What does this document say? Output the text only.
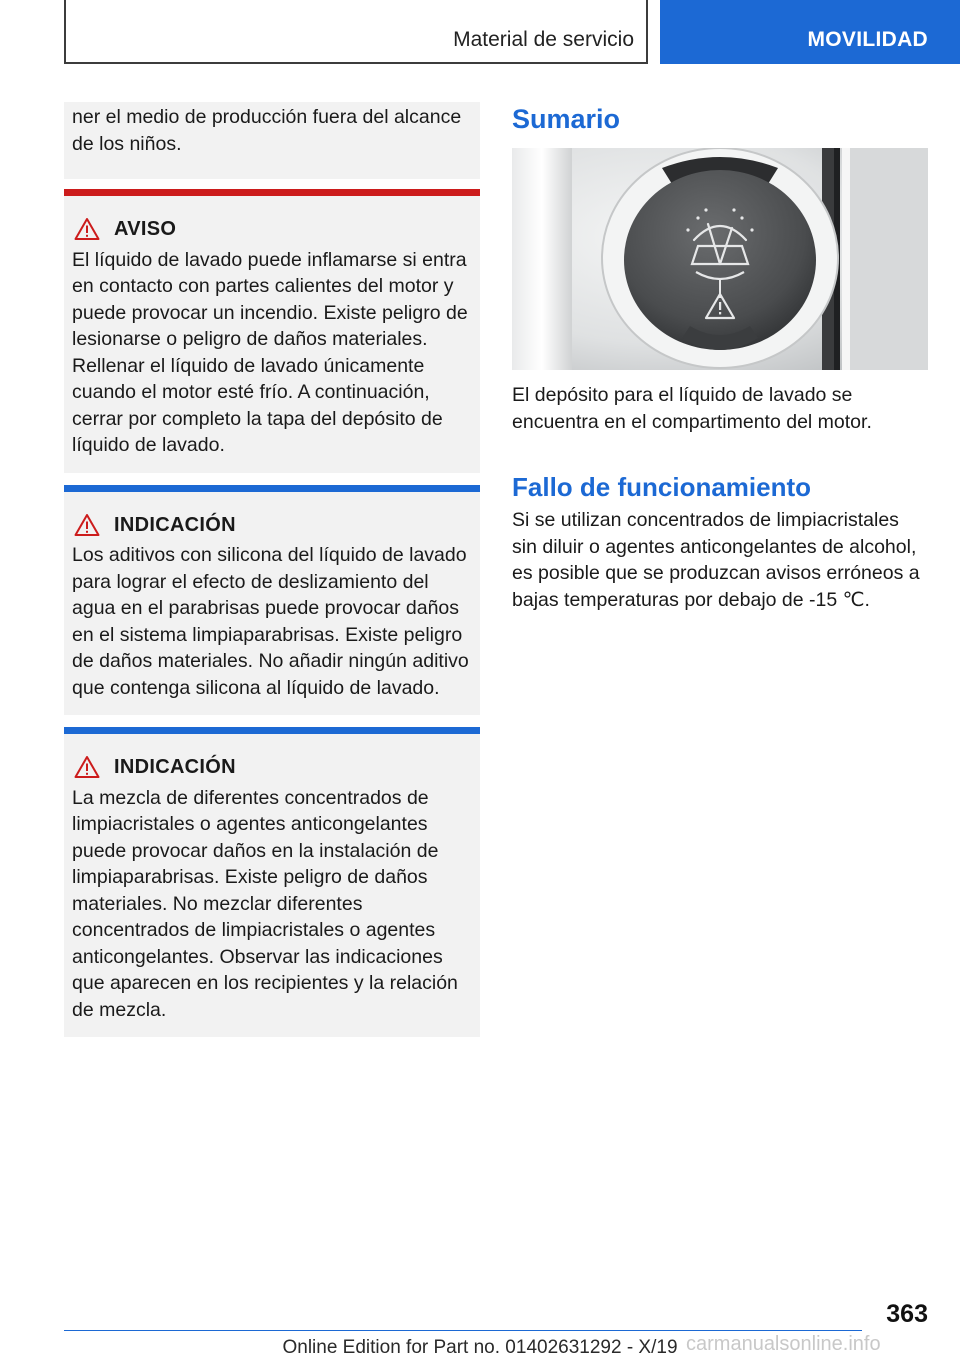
Material de servicio	MOVILIDAD

ner el medio de producción fuera del alcance de los niños.

AVISO

El líquido de lavado puede inflamarse si entra en contacto con partes calientes del motor y puede provocar un incendio. Existe peligro de lesionarse o peligro de daños materiales. Rellenar el líquido de lavado únicamente cuando el motor esté frío. A continuación, cerrar por completo la tapa del depósito de líquido de lavado.

INDICACIÓN

Los aditivos con silicona del líquido de lavado para lograr el efecto de deslizamiento del agua en el parabrisas puede provocar daños en el sistema limpiaparabrisas. Existe peligro de daños materiales. No añadir ningún aditivo que contenga silicona al líquido de lavado.

INDICACIÓN

La mezcla de diferentes concentrados de limpiacristales o agentes anticongelantes puede provocar daños en la instalación de limpiaparabrisas. Existe peligro de daños materiales. No mezclar diferentes concentrados de limpiacristales o agentes anticongelantes. Observar las indicaciones que aparecen en los recipientes y la relación de mezcla.

Sumario

El depósito para el líquido de lavado se encuentra en el compartimento del motor.

Fallo de funcionamiento

Si se utilizan concentrados de limpiacristales sin diluir o agentes anticongelantes de alcohol, es posible que se produzcan avisos erróneos a bajas temperaturas por debajo de -15 ℃.

363
Online Edition for Part no. 01402631292 - X/19 carmanualsonline.info
